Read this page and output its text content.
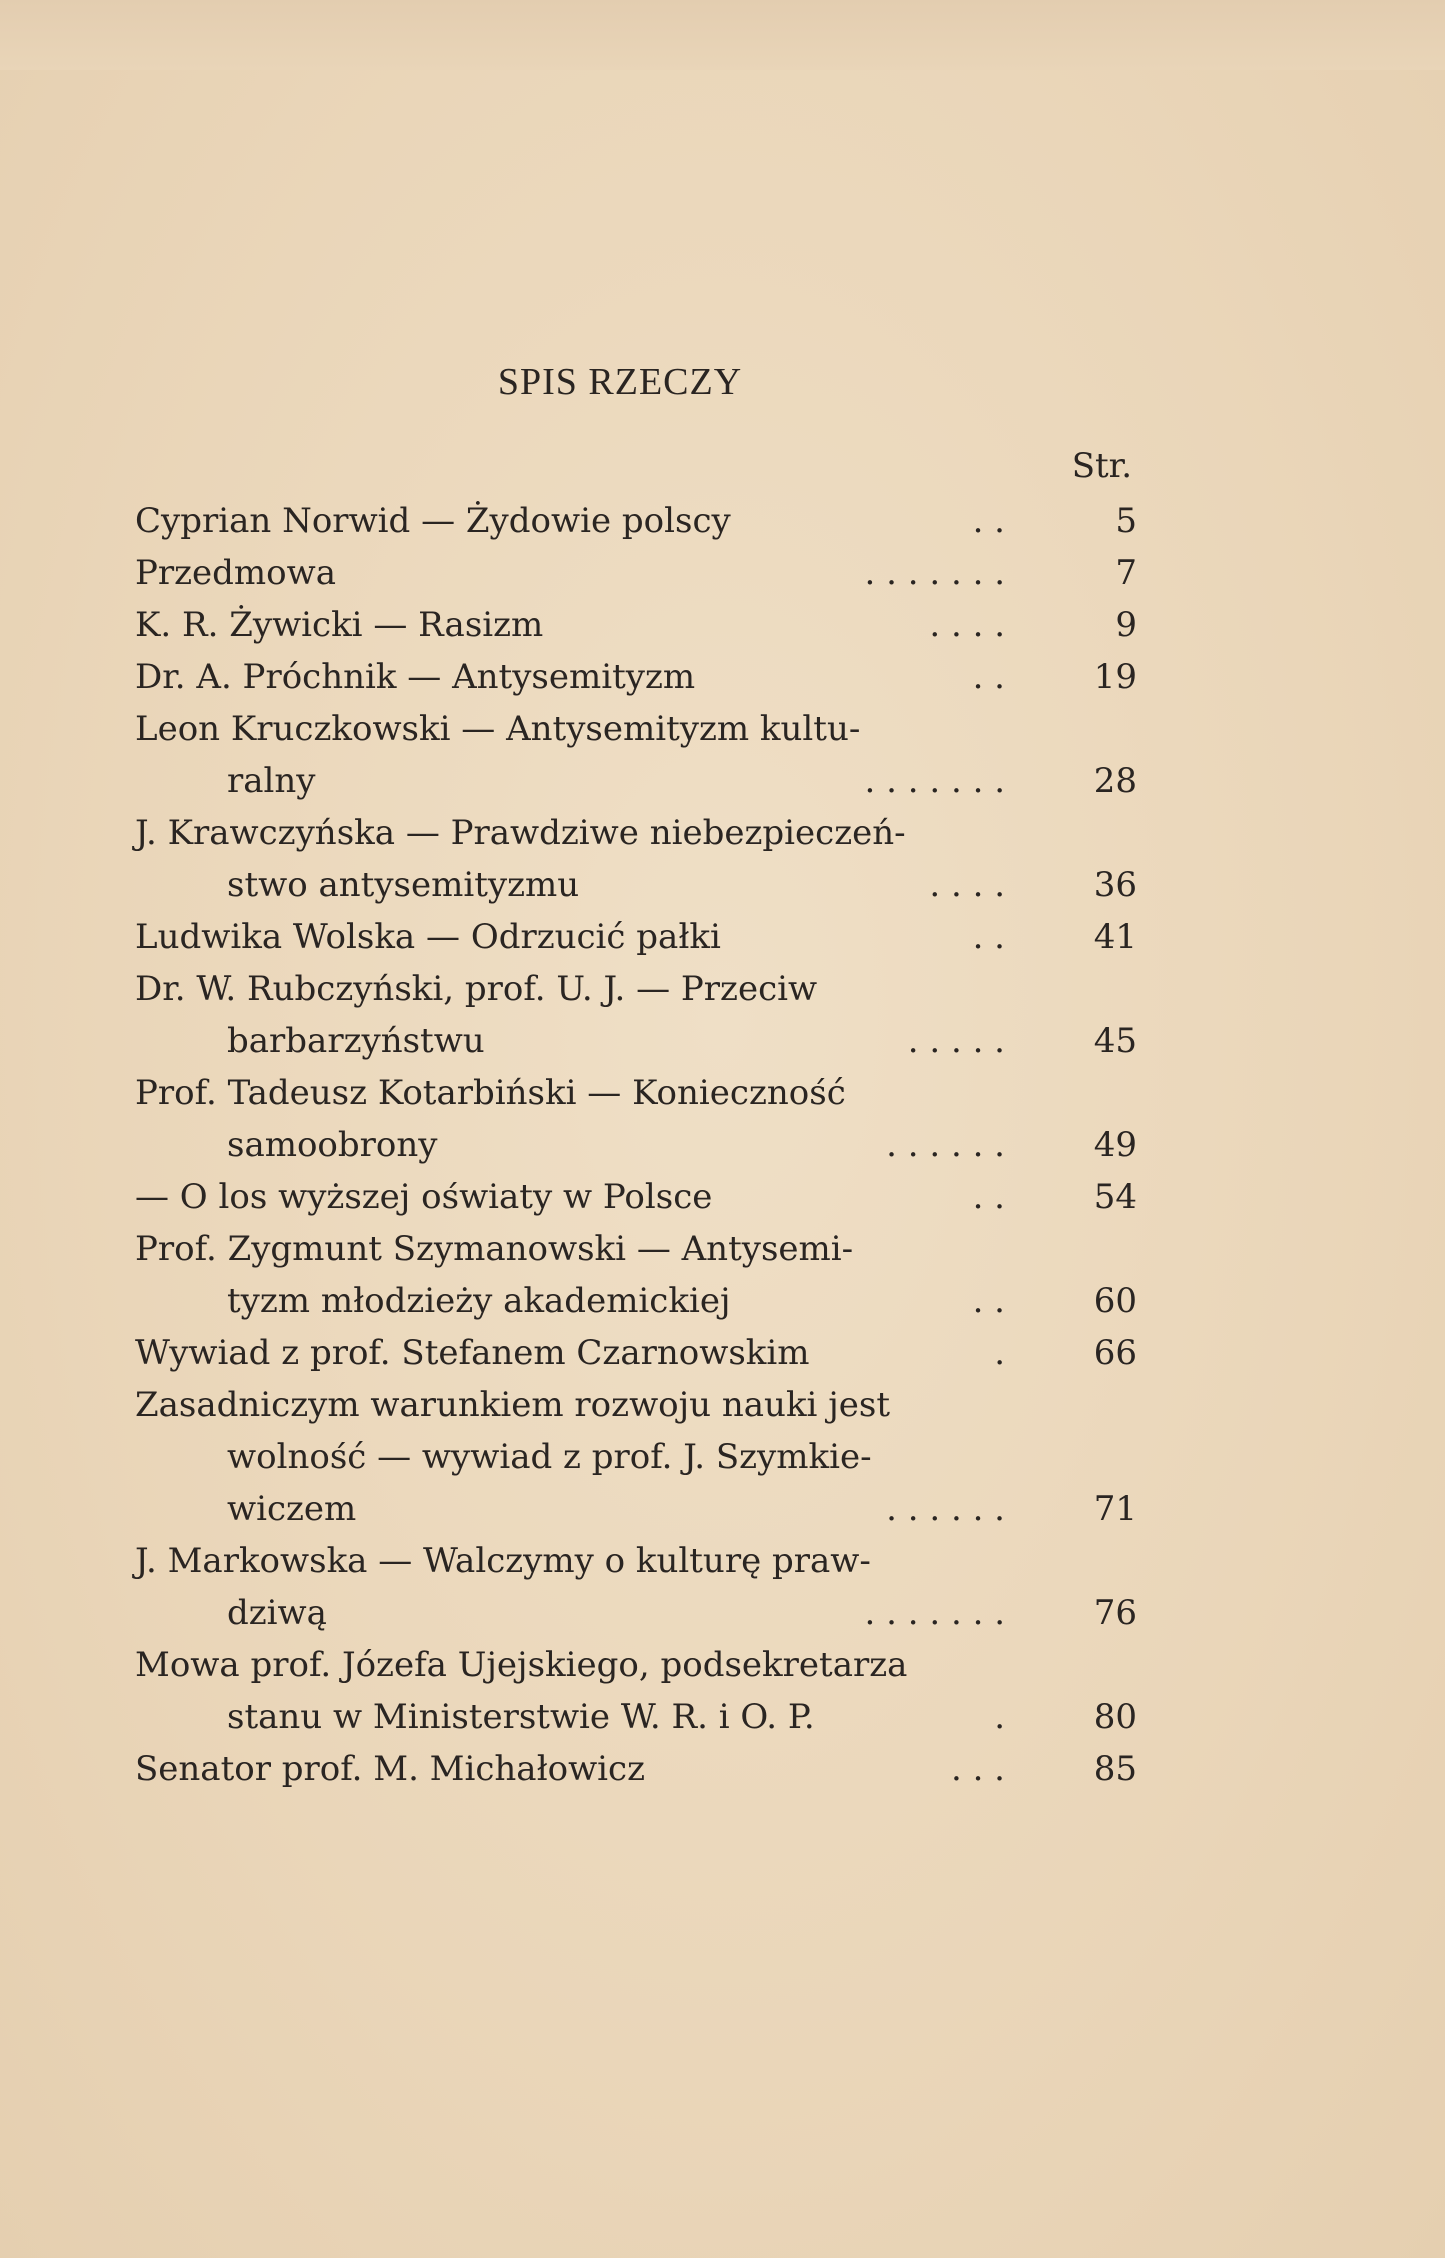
SPIS RZECZY
Str.
Cyprian Norwid — Żydowie polscy	. .	5
Przedmowa	. . . . . . .	7
K. R. Żywicki — Rasizm	. . . .	9
Dr. A. Próchnik — Antysemityzm	. .	19
Leon Kruczkowski — Antysemityzm kultu-
ralny	. . . . . . .	28
J. Krawczyńska — Prawdziwe niebezpieczeń-
stwo antysemityzmu	. . . .	36
Ludwika Wolska — Odrzucić pałki	. .	41
Dr. W. Rubczyński, prof. U. J. — Przeciw
barbarzyństwu	. . . . .	45
Prof. Tadeusz Kotarbiński — Konieczność
samoobrony	. . . . . .	49
— O los wyższej oświaty w Polsce	. .	54
Prof. Zygmunt Szymanowski — Antysemi-
tyzm młodzieży akademickiej	. .	60
Wywiad z prof. Stefanem Czarnowskim	.	66
Zasadniczym warunkiem rozwoju nauki jest
wolność — wywiad z prof. J. Szymkie-
wiczem	. . . . . .	71
J. Markowska — Walczymy o kulturę praw-
dziwą	. . . . . . .	76
Mowa prof. Józefa Ujejskiego, podsekretarza
stanu w Ministerstwie W. R. i O. P.	.	80
Senator prof. M. Michałowicz	. . .	85
